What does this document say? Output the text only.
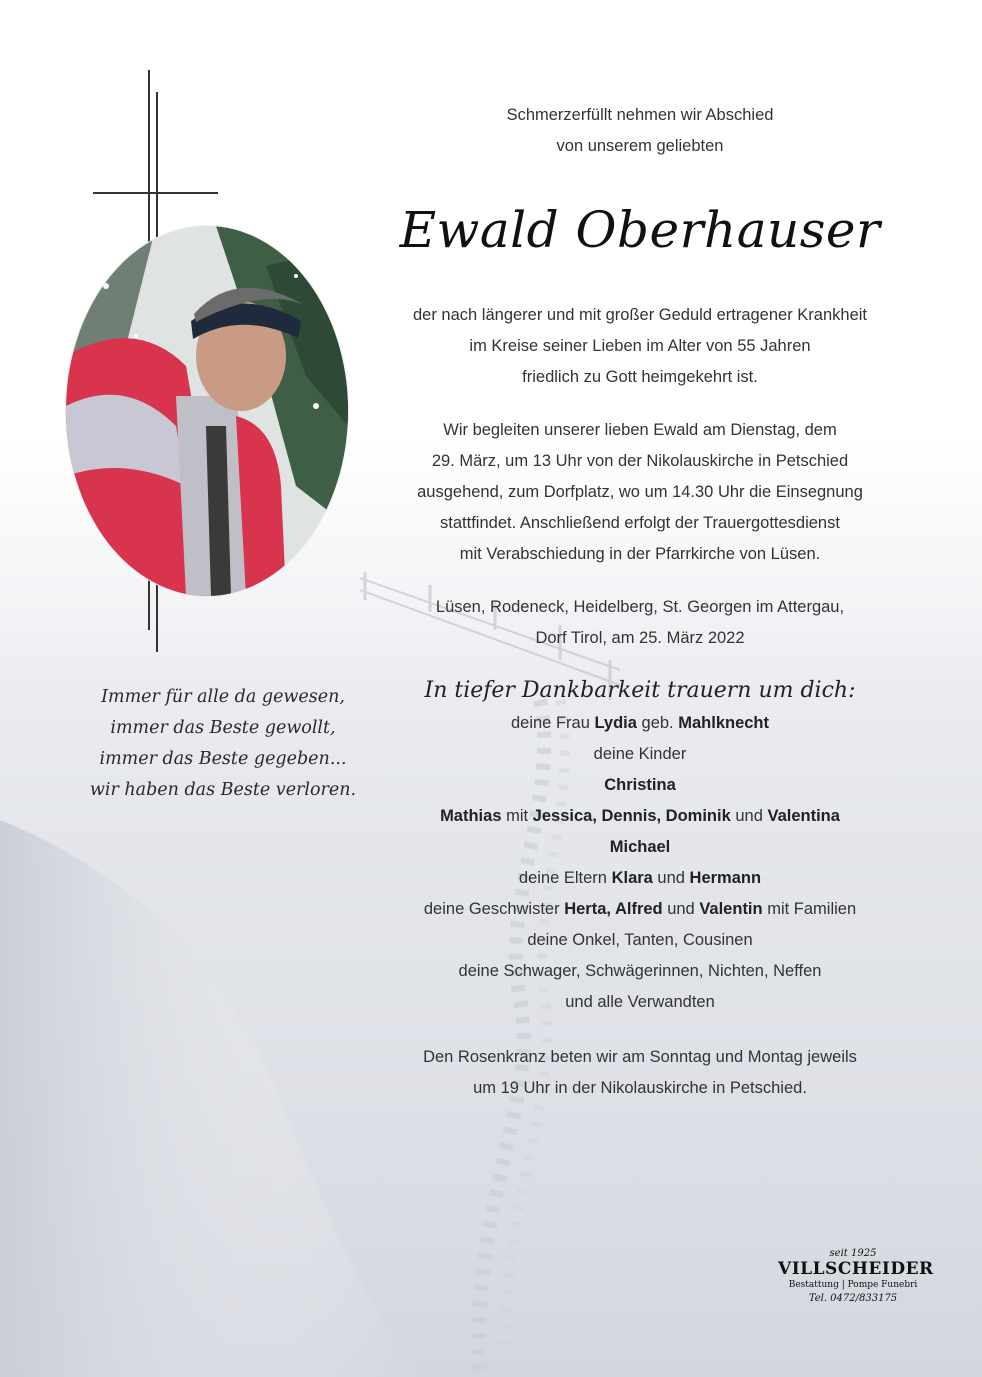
Immer für alle da gewesen,
immer das Beste gewollt,
immer das Beste gegeben...
wir haben das Beste verloren.
Schmerzerfüllt nehmen wir Abschied
von unserem geliebten
Ewald Oberhauser
der nach längerer und mit großer Geduld ertragener Krankheit
im Kreise seiner Lieben im Alter von 55 Jahren
friedlich zu Gott heimgekehrt ist.
Wir begleiten unserer lieben Ewald am Dienstag, dem
29. März, um 13 Uhr von der Nikolauskirche in Petschied
ausgehend, zum Dorfplatz, wo um 14.30 Uhr die Einsegnung
stattfindet. Anschließend erfolgt der Trauergottesdienst
mit Verabschiedung in der Pfarrkirche von Lüsen.
Lüsen, Rodeneck, Heidelberg, St. Georgen im Attergau,
Dorf Tirol, am 25. März 2022
In tiefer Dankbarkeit trauern um dich:
deine Frau Lydia geb. Mahlknecht
deine Kinder
Christina
Mathias mit Jessica, Dennis, Dominik und Valentina
Michael
deine Eltern Klara und Hermann
deine Geschwister Herta, Alfred und Valentin mit Familien
deine Onkel, Tanten, Cousinen
deine Schwager, Schwägerinnen, Nichten, Neffen
und alle Verwandten
Den Rosenkranz beten wir am Sonntag und Montag jeweils
um 19 Uhr in der Nikolauskirche in Petschied.
seit 1925
VILLSCHEIDER
Bestattung | Pompe Funebri
Tel. 0472/833175
